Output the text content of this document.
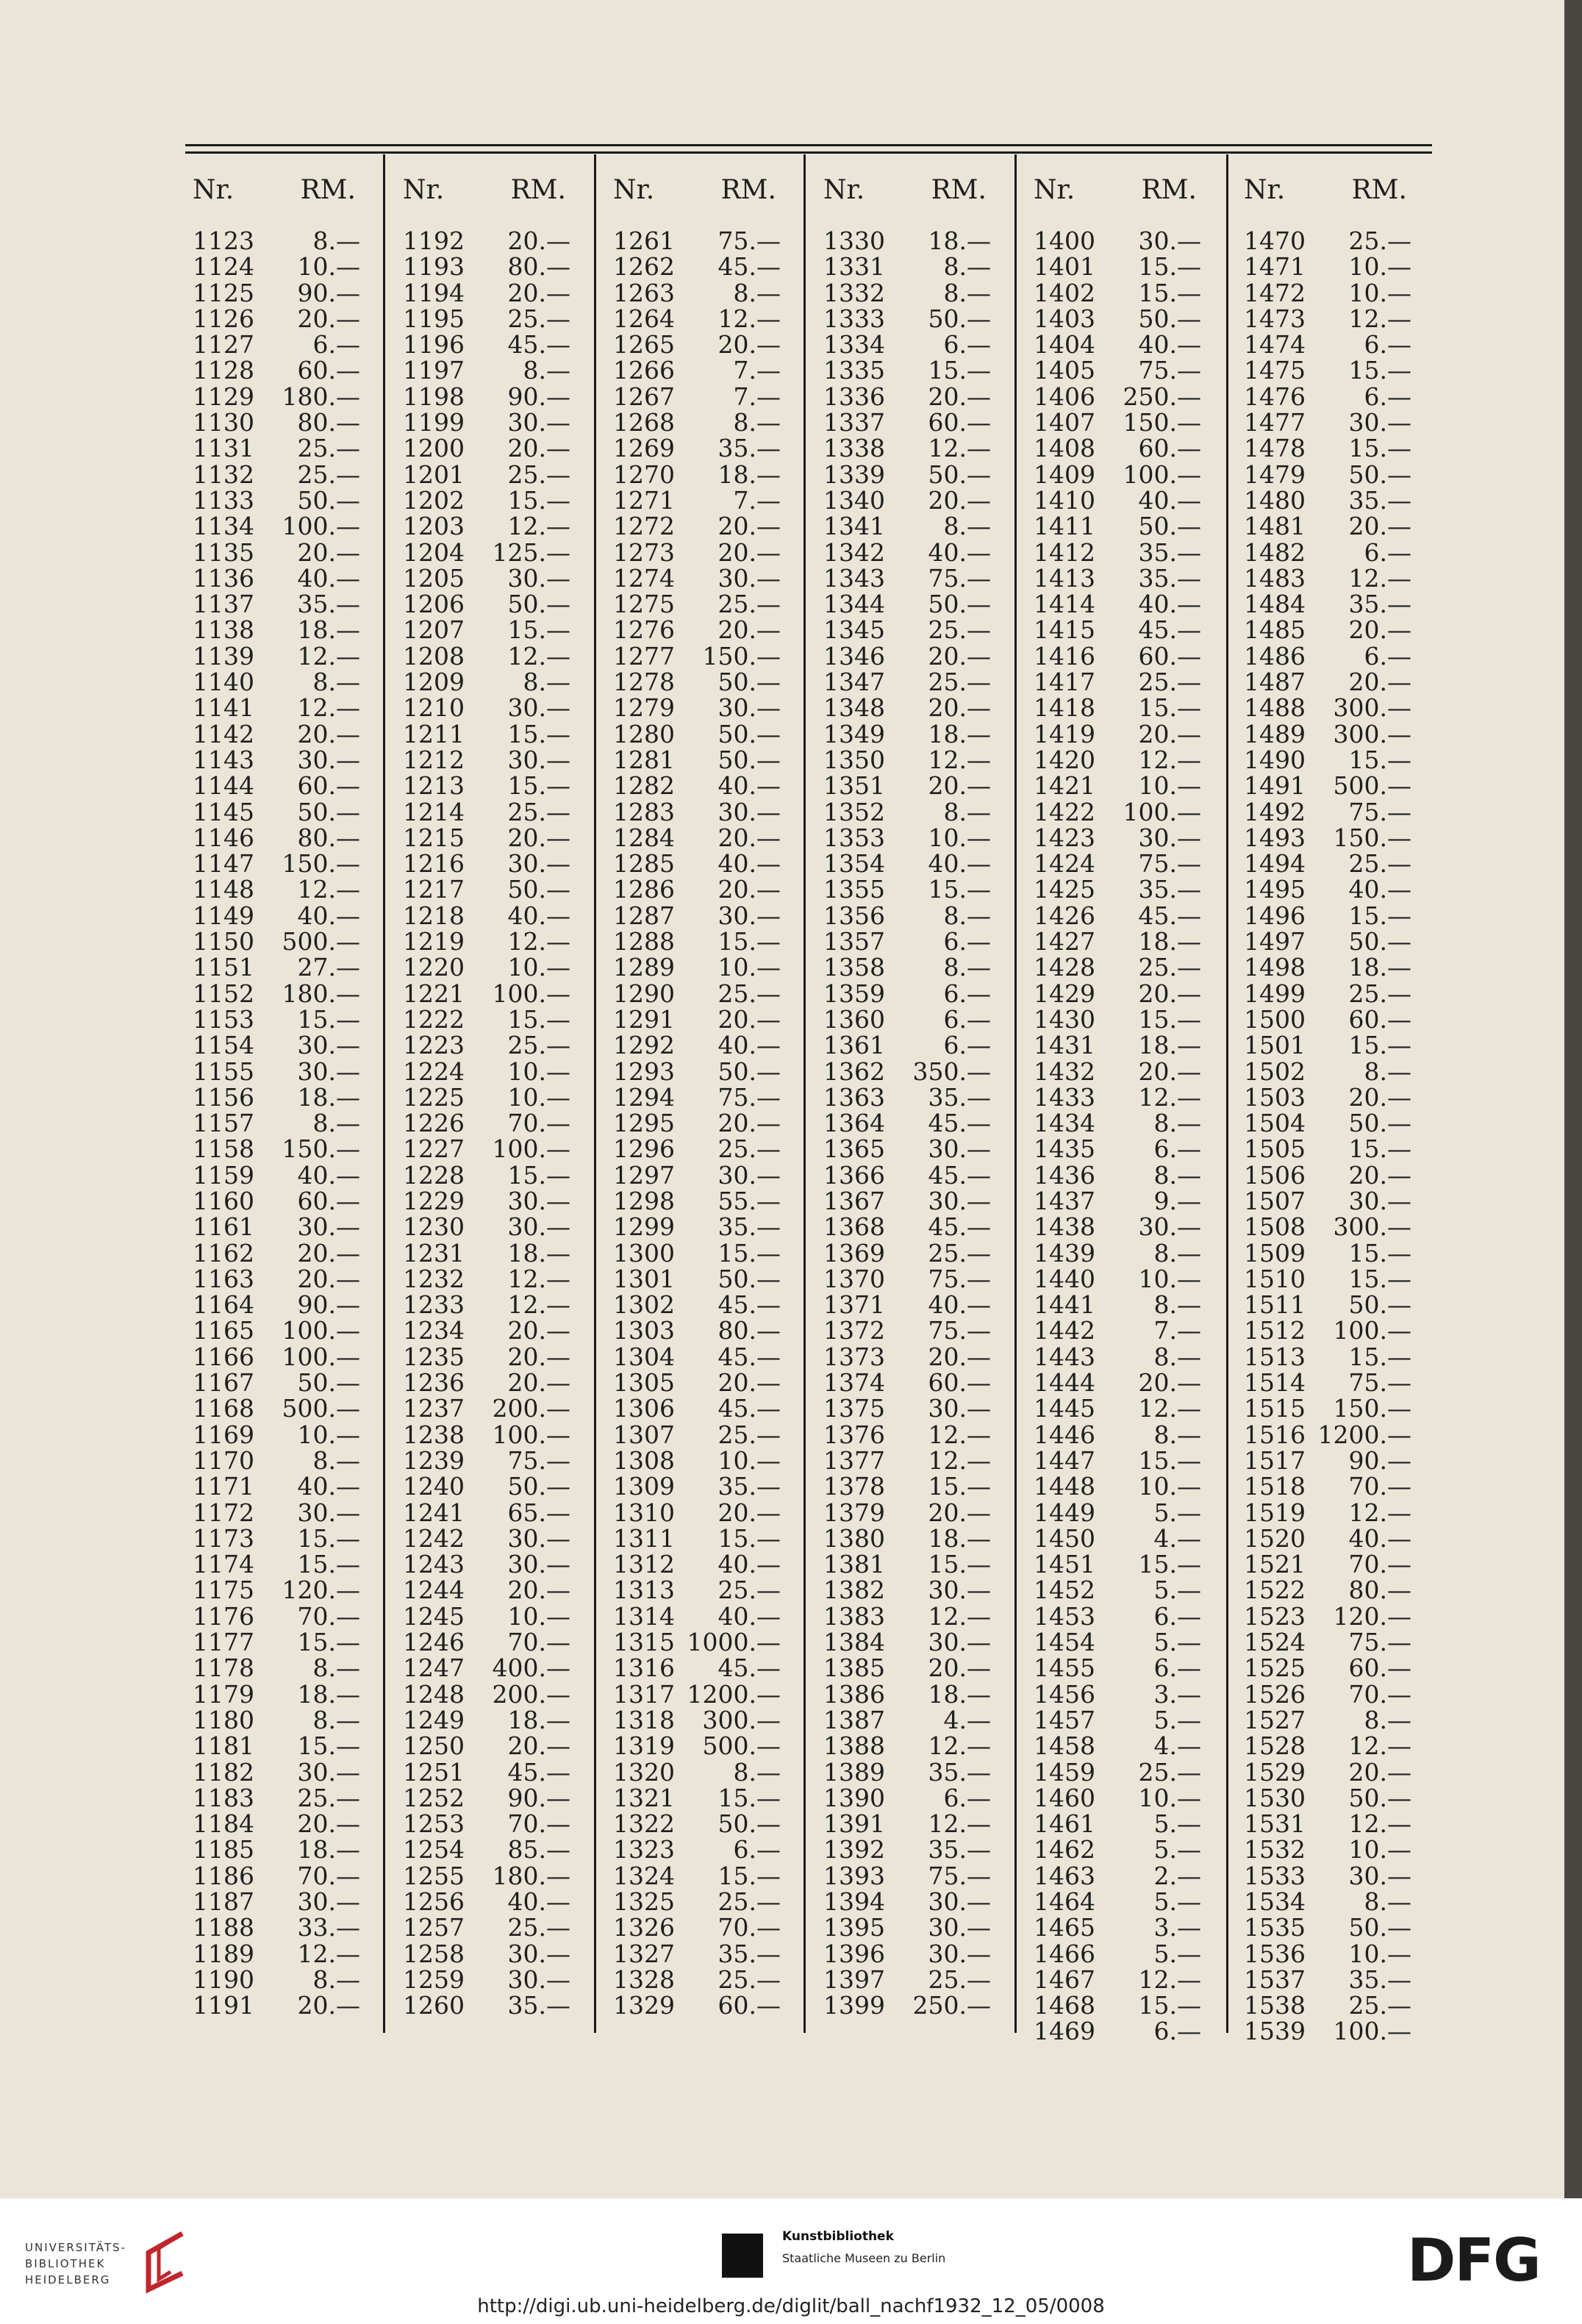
Nr.	RM.
1123 8.—
1124 10.—
1125 90.—
1126 20.—
1127 6.—
1128 60.—
1129 180.—
1130 80.—
1131 25.—
1132 25.—
1133 50.—
1134 100.—
1135 20.—
1136 40.—
1137 35.—
1138 18.—
1139 12.—
1140 8.—
1141 12.—
1142 20.—
1143 30.—
1144 60.—
1145 50.—
1146 80.—
1147 150.—
1148 12.—
1149 40.—
1150 500.—
1151 27.—
1152 180.—
1153 15.—
1154 30.—
1155 30.—
1156 18.—
1157 8.—
1158 150.—
1159 40.—
1160 60.—
1161 30.—
1162 20.—
1163 20.—
1164 90.—
1165 100.—
1166 100.—
1167 50.—
1168 500.—
1169 10.—
1170 8.—
1171 40.—
1172 30.—
1173 15.—
1174 15.—
1175 120.—
1176 70.—
1177 15.—
1178 8.—
1179 18.—
1180 8.—
1181 15.—
1182 30.—
1183 25.—
1184 20.—
1185 18.—
1186 70.—
1187 30.—
1188 33.—
1189 12.—
1190 8.—
1191 20.—
Nr.	RM.
1192 20.—
1193 80.—
1194 20.—
1195 25.—
1196 45.—
1197 8.—
1198 90.—
1199 30.—
1200 20.—
1201 25.—
1202 15.—
1203 12.—
1204 125.—
1205 30.—
1206 50.—
1207 15.—
1208 12.—
1209 8.—
1210 30.—
1211 15.—
1212 30.—
1213 15.—
1214 25.—
1215 20.—
1216 30.—
1217 50.—
1218 40.—
1219 12.—
1220 10.—
1221 100.—
1222 15.—
1223 25.—
1224 10.—
1225 10.—
1226 70.—
1227 100.—
1228 15.—
1229 30.—
1230 30.—
1231 18.—
1232 12.—
1233 12.—
1234 20.—
1235 20.—
1236 20.—
1237 200.—
1238 100.—
1239 75.—
1240 50.—
1241 65.—
1242 30.—
1243 30.—
1244 20.—
1245 10.—
1246 70.—
1247 400.—
1248 200.—
1249 18.—
1250 20.—
1251 45.—
1252 90.—
1253 70.—
1254 85.—
1255 180.—
1256 40.—
1257 25.—
1258 30.—
1259 30.—
1260 35.—
Nr.	RM.
1261 75.—
1262 45.—
1263 8.—
1264 12.—
1265 20.—
1266 7.—
1267 7.—
1268 8.—
1269 35.—
1270 18.—
1271 7.—
1272 20.—
1273 20.—
1274 30.—
1275 25.—
1276 20.—
1277 150.—
1278 50.—
1279 30.—
1280 50.—
1281 50.—
1282 40.—
1283 30.—
1284 20.—
1285 40.—
1286 20.—
1287 30.—
1288 15.—
1289 10.—
1290 25.—
1291 20.—
1292 40.—
1293 50.—
1294 75.—
1295 20.—
1296 25.—
1297 30.—
1298 55.—
1299 35.—
1300 15.—
1301 50.—
1302 45.—
1303 80.—
1304 45.—
1305 20.—
1306 45.—
1307 25.—
1308 10.—
1309 35.—
1310 20.—
1311 15.—
1312 40.—
1313 25.—
1314 40.—
1315 1000.—
1316 45.—
1317 1200.—
1318 300.—
1319 500.—
1320 8.—
1321 15.—
1322 50.—
1323 6.—
1324 15.—
1325 25.—
1326 70.—
1327 35.—
1328 25.—
1329 60.—
Nr.	RM.
1330 18.—
1331 8.—
1332 8.—
1333 50.—
1334 6.—
1335 15.—
1336 20.—
1337 60.—
1338 12.—
1339 50.—
1340 20.—
1341 8.—
1342 40.—
1343 75.—
1344 50.—
1345 25.—
1346 20.—
1347 25.—
1348 20.—
1349 18.—
1350 12.—
1351 20.—
1352 8.—
1353 10.—
1354 40.—
1355 15.—
1356 8.—
1357 6.—
1358 8.—
1359 6.—
1360 6.—
1361 6.—
1362 350.—
1363 35.—
1364 45.—
1365 30.—
1366 45.—
1367 30.—
1368 45.—
1369 25.—
1370 75.—
1371 40.—
1372 75.—
1373 20.—
1374 60.—
1375 30.—
1376 12.—
1377 12.—
1378 15.—
1379 20.—
1380 18.—
1381 15.—
1382 30.—
1383 12.—
1384 30.—
1385 20.—
1386 18.—
1387 4.—
1388 12.—
1389 35.—
1390 6.—
1391 12.—
1392 35.—
1393 75.—
1394 30.—
1395 30.—
1396 30.—
1397 25.—
1399 250.—
Nr.	RM.
1400 30.—
1401 15.—
1402 15.—
1403 50.—
1404 40.—
1405 75.—
1406 250.—
1407 150.—
1408 60.—
1409 100.—
1410 40.—
1411 50.—
1412 35.—
1413 35.—
1414 40.—
1415 45.—
1416 60.—
1417 25.—
1418 15.—
1419 20.—
1420 12.—
1421 10.—
1422 100.—
1423 30.—
1424 75.—
1425 35.—
1426 45.—
1427 18.—
1428 25.—
1429 20.—
1430 15.—
1431 18.—
1432 20.—
1433 12.—
1434 8.—
1435 6.—
1436 8.—
1437 9.—
1438 30.—
1439 8.—
1440 10.—
1441 8.—
1442 7.—
1443 8.—
1444 20.—
1445 12.—
1446 8.—
1447 15.—
1448 10.—
1449 5.—
1450 4.—
1451 15.—
1452 5.—
1453 6.—
1454 5.—
1455 6.—
1456 3.—
1457 5.—
1458 4.—
1459 25.—
1460 10.—
1461 5.—
1462 5.—
1463 2.—
1464 5.—
1465 3.—
1466 5.—
1467 12.—
1468 15.—
1469 6.—
Nr.	RM.
1470 25.—
1471 10.—
1472 10.—
1473 12.—
1474 6.—
1475 15.—
1476 6.—
1477 30.—
1478 15.—
1479 50.—
1480 35.—
1481 20.—
1482 6.—
1483 12.—
1484 35.—
1485 20.—
1486 6.—
1487 20.—
1488 300.—
1489 300.—
1490 15.—
1491 500.—
1492 75.—
1493 150.—
1494 25.—
1495 40.—
1496 15.—
1497 50.—
1498 18.—
1499 25.—
1500 60.—
1501 15.—
1502 8.—
1503 20.—
1504 50.—
1505 15.—
1506 20.—
1507 30.—
1508 300.—
1509 15.—
1510 15.—
1511 50.—
1512 100.—
1513 15.—
1514 75.—
1515 150.—
1516 1200.—
1517 90.—
1518 70.—
1519 12.—
1520 40.—
1521 70.—
1522 80.—
1523 120.—
1524 75.—
1525 60.—
1526 70.—
1527 8.—
1528 12.—
1529 20.—
1530 50.—
1531 12.—
1532 10.—
1533 30.—
1534 8.—
1535 50.—
1536 10.—
1537 35.—
1538 25.—
1539 100.—
UNIVERSITÄTS-
BIBLIOTHEK
HEIDELBERG
Kunstbibliothek
Staatliche Museen zu Berlin	DFG
http://digi.ub.uni-heidelberg.de/diglit/ball_nachf1932_12_05/0008
